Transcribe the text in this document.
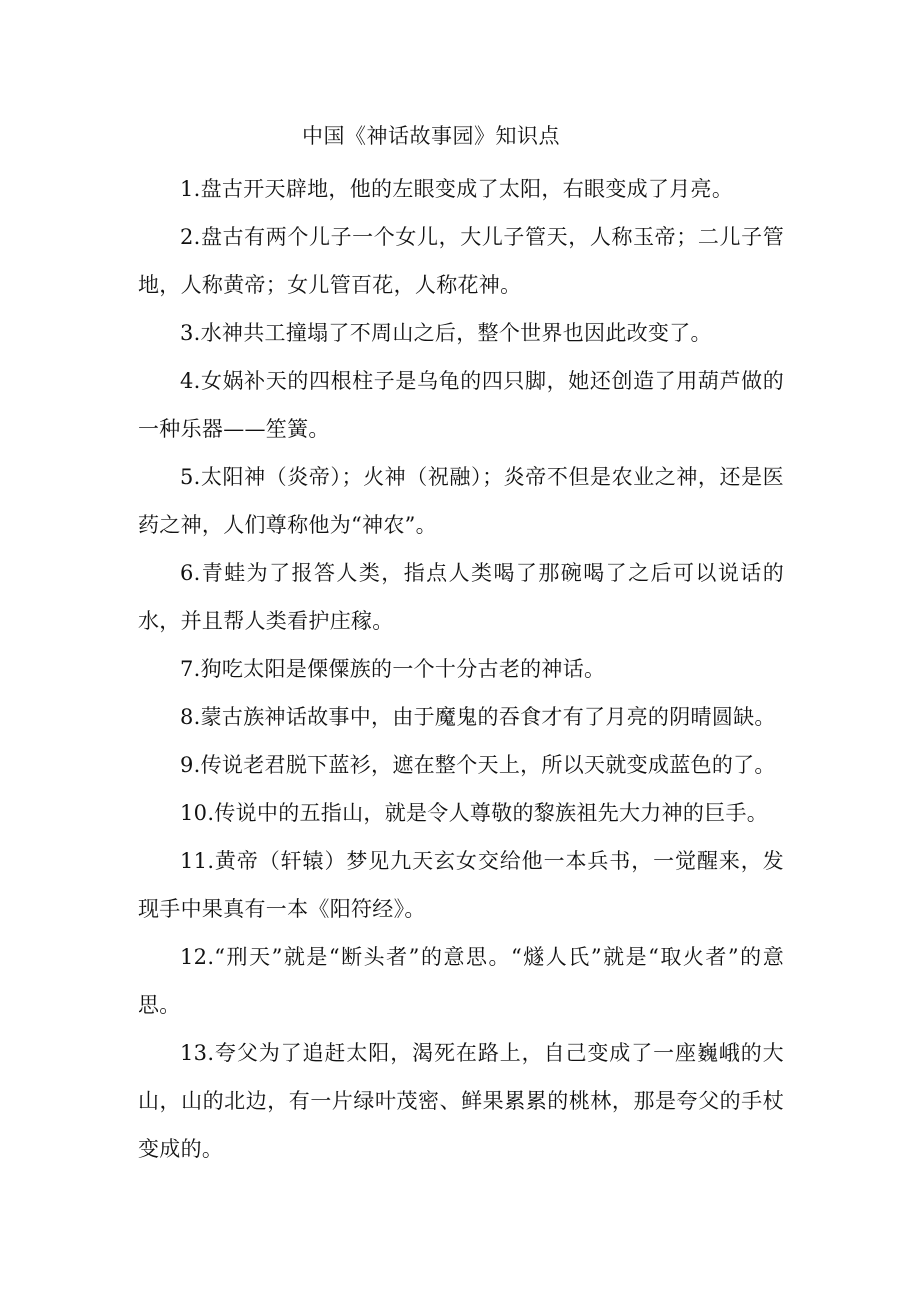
中国《神话故事园》知识点
1.盘古开天辟地，他的左眼变成了太阳，右眼变成了月亮。
2.盘古有两个儿子一个女儿，大儿子管天，人称玉帝；二儿子管地，人称黄帝；女儿管百花，人称花神。
3.水神共工撞塌了不周山之后，整个世界也因此改变了。
4.女娲补天的四根柱子是乌龟的四只脚，她还创造了用葫芦做的一种乐器——笙簧。
5.太阳神（炎帝）；火神（祝融）；炎帝不但是农业之神，还是医药之神，人们尊称他为“神农”。
6.青蛙为了报答人类，指点人类喝了那碗喝了之后可以说话的水，并且帮人类看护庄稼。
7.狗吃太阳是傈僳族的一个十分古老的神话。
8.蒙古族神话故事中，由于魔鬼的吞食才有了月亮的阴晴圆缺。
9.传说老君脱下蓝衫，遮在整个天上，所以天就变成蓝色的了。
10.传说中的五指山，就是令人尊敬的黎族祖先大力神的巨手。
11.黄帝（轩辕）梦见九天玄女交给他一本兵书，一觉醒来，发现手中果真有一本《阳符经》。
12.“刑天”就是“断头者”的意思。“燧人氏”就是“取火者”的意思。
13.夸父为了追赶太阳，渴死在路上，自己变成了一座巍峨的大山，山的北边，有一片绿叶茂密、鲜果累累的桃林，那是夸父的手杖变成的。
